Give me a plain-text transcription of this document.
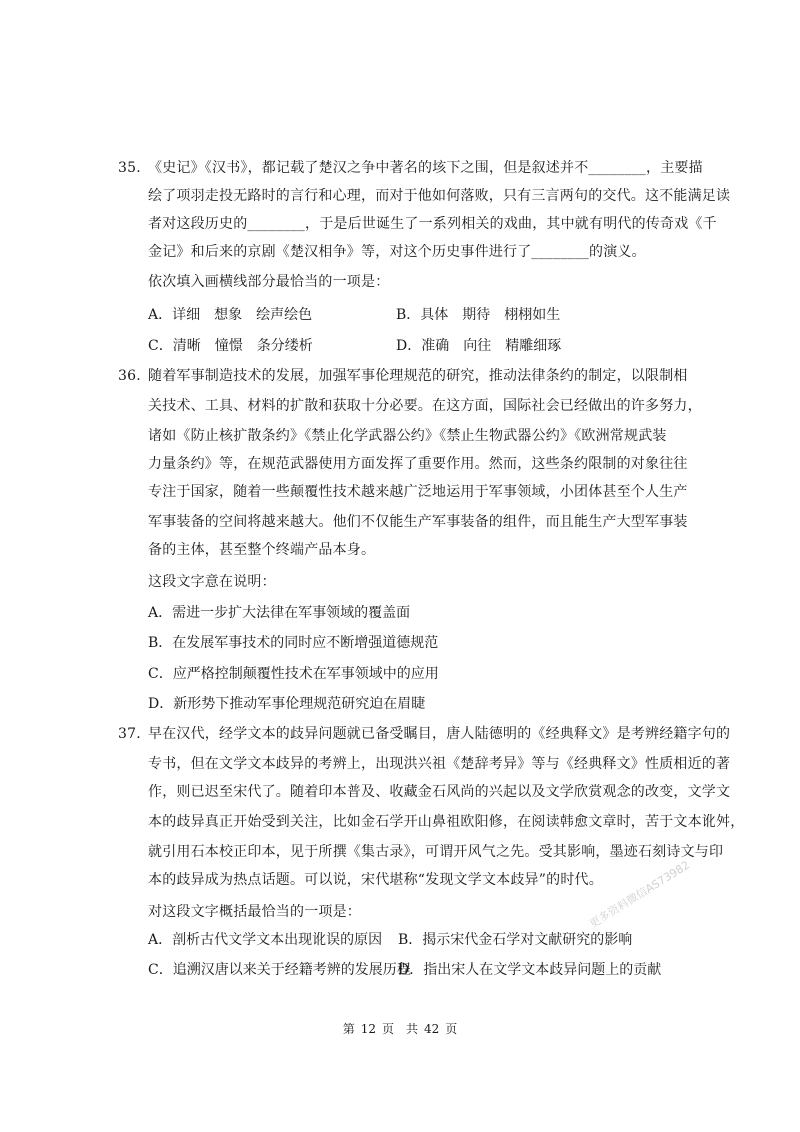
35. 《史记》《汉书》，都记载了楚汉之争中著名的垓下之围，但是叙述并不________，主要描
绘了项羽走投无路时的言行和心理，而对于他如何落败，只有三言两句的交代。这不能满足读
者对这段历史的________，于是后世诞生了一系列相关的戏曲，其中就有明代的传奇戏《千
金记》和后来的京剧《楚汉相争》等，对这个历史事件进行了________的演义。
依次填入画横线部分最恰当的一项是：
A．详细　想象　绘声绘色	B．具体　期待　栩栩如生
C．清晰　憧憬　条分缕析	D．准确　向往　精雕细琢
36. 随着军事制造技术的发展，加强军事伦理规范的研究，推动法律条约的制定，以限制相
关技术、工具、材料的扩散和获取十分必要。在这方面，国际社会已经做出的许多努力，
诸如《防止核扩散条约》《禁止化学武器公约》《禁止生物武器公约》《欧洲常规武装
力量条约》等，在规范武器使用方面发挥了重要作用。然而，这些条约限制的对象往往
专注于国家，随着一些颠覆性技术越来越广泛地运用于军事领域，小团体甚至个人生产
军事装备的空间将越来越大。他们不仅能生产军事装备的组件，而且能生产大型军事装
备的主体，甚至整个终端产品本身。
这段文字意在说明：
A．需进一步扩大法律在军事领域的覆盖面
B．在发展军事技术的同时应不断增强道德规范
C．应严格控制颠覆性技术在军事领域中的应用
D．新形势下推动军事伦理规范研究迫在眉睫
37. 早在汉代，经学文本的歧异问题就已备受瞩目，唐人陆德明的《经典释文》是考辨经籍字句的
专书，但在文学文本歧异的考辨上，出现洪兴祖《楚辞考异》等与《经典释文》性质相近的著
作，则已迟至宋代了。随着印本普及、收藏金石风尚的兴起以及文学欣赏观念的改变，文学文
本的歧异真正开始受到关注，比如金石学开山鼻祖欧阳修，在阅读韩愈文章时，苦于文本讹舛，
就引用石本校正印本，见于所撰《集古录》，可谓开风气之先。受其影响，墨迹石刻诗文与印
本的歧异成为热点话题。可以说，宋代堪称“发现文学文本歧异”的时代。
对这段文字概括最恰当的一项是：
A．剖析古代文学文本出现讹误的原因 B．揭示宋代金石学对文献研究的影响
C．追溯汉唐以来关于经籍考辨的发展历程
D．指出宋人在文学文本歧异问题上的贡献
更多资料微信AS73982
第 12 页　共 42 页
